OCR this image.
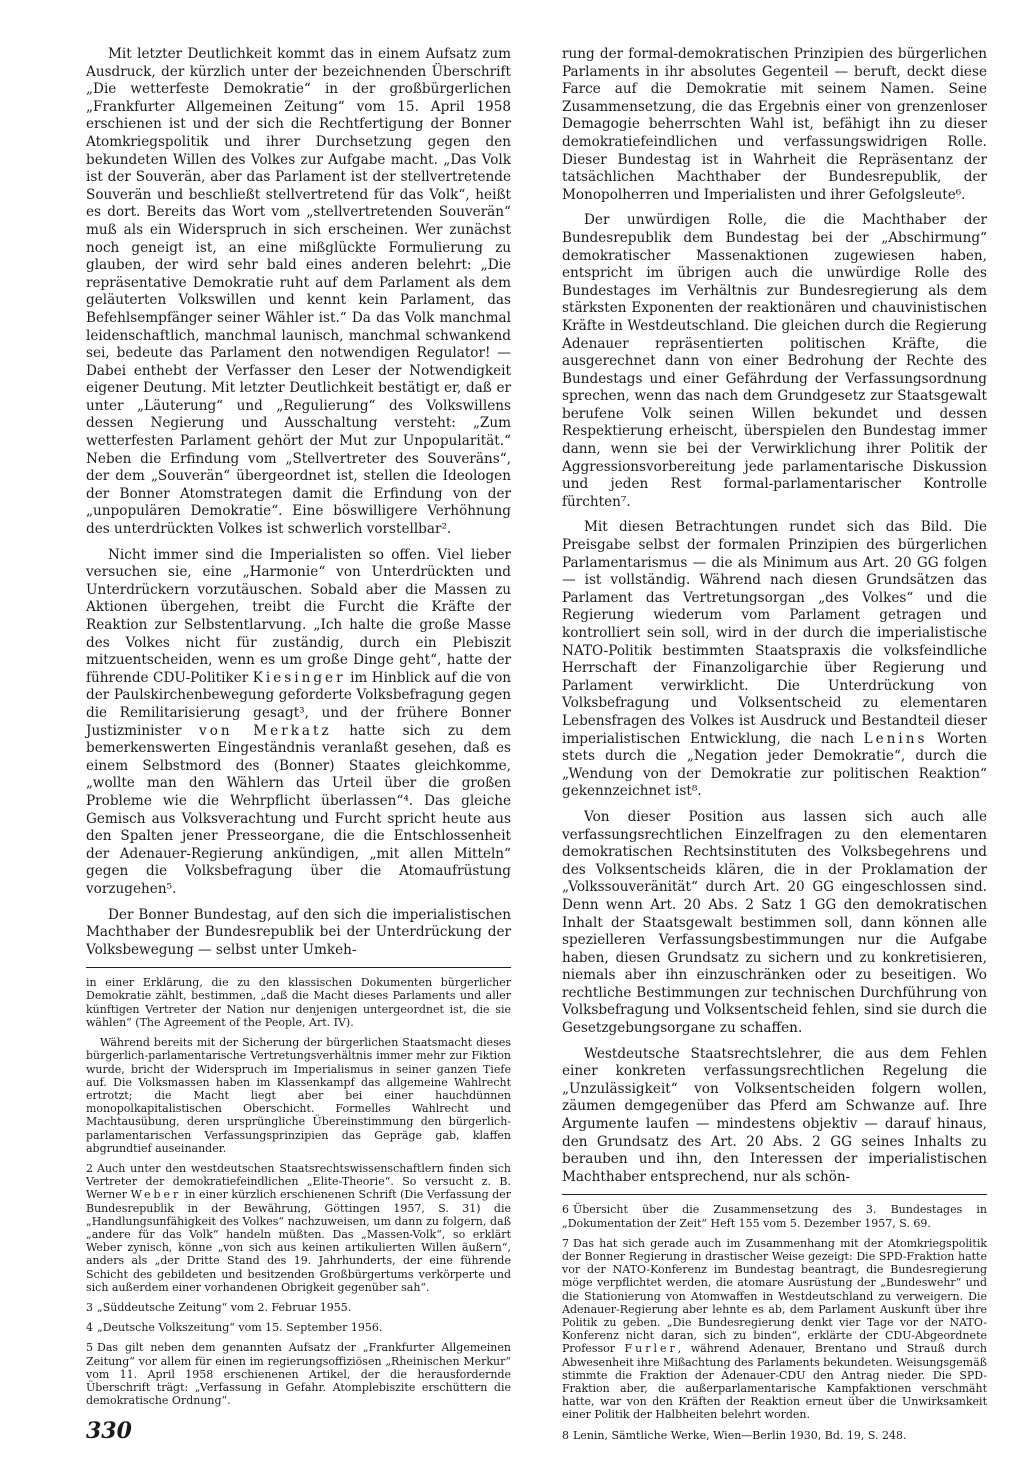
Mit letzter Deutlichkeit kommt das in einem Aufsatz zum Ausdruck, der kürzlich unter der bezeichnenden Überschrift „Die wetterfeste Demokratie“ in der großbürgerlichen „Frankfurter Allgemeinen Zeitung“ vom 15. April 1958 erschienen ist und der sich die Rechtfertigung der Bonner Atomkriegspolitik und ihrer Durchsetzung gegen den bekundeten Willen des Volkes zur Aufgabe macht. „Das Volk ist der Souverän, aber das Parlament ist der stellvertretende Souverän und beschließt stellvertretend für das Volk“, heißt es dort. Bereits das Wort vom „stellvertretenden Souverän“ muß als ein Widerspruch in sich erscheinen. Wer zunächst noch geneigt ist, an eine mißglückte Formulierung zu glauben, der wird sehr bald eines anderen belehrt: „Die repräsentative Demokratie ruht auf dem Parlament als dem geläuterten Volkswillen und kennt kein Parlament, das Befehlsempfänger seiner Wähler ist.“ Da das Volk manchmal leidenschaftlich, manchmal launisch, manchmal schwankend sei, bedeute das Parlament den notwendigen Regulator! — Dabei enthebt der Verfasser den Leser der Notwendigkeit eigener Deutung. Mit letzter Deutlichkeit bestätigt er, daß er unter „Läuterung“ und „Regulierung“ des Volkswillens dessen Negierung und Ausschaltung versteht: „Zum wetterfesten Parlament gehört der Mut zur Unpopularität.“ Neben die Erfindung vom „Stellvertreter des Souveräns“, der dem „Souverän“ übergeordnet ist, stellen die Ideologen der Bonner Atomstrategen damit die Erfindung von der „unpopulären Demokratie“. Eine böswilligere Verhöhnung des unterdrückten Volkes ist schwerlich vorstellbar².

Nicht immer sind die Imperialisten so offen. Viel lieber versuchen sie, eine „Harmonie“ von Unterdrückten und Unterdrückern vorzutäuschen. Sobald aber die Massen zu Aktionen übergehen, treibt die Furcht die Kräfte der Reaktion zur Selbstentlarvung. „Ich halte die große Masse des Volkes nicht für zuständig, durch ein Plebiszit mitzuentscheiden, wenn es um große Dinge geht“, hatte der führende CDU-Politiker Kiesinger im Hinblick auf die von der Paulskirchenbewegung geforderte Volksbefragung gegen die Remilitarisierung gesagt³, und der frühere Bonner Justizminister von Merkatz hatte sich zu dem bemerkenswerten Eingeständnis veranlaßt gesehen, daß es einem Selbstmord des (Bonner) Staates gleichkomme, „wollte man den Wählern das Urteil über die großen Probleme wie die Wehrpflicht überlassen“⁴. Das gleiche Gemisch aus Volksverachtung und Furcht spricht heute aus den Spalten jener Presseorgane, die die Entschlossenheit der Adenauer-Regierung ankündigen, „mit allen Mitteln“ gegen die Volksbefragung über die Atomaufrüstung vorzugehen⁵.

Der Bonner Bundestag, auf den sich die imperialistischen Machthaber der Bundesrepublik bei der Unterdrückung der Volksbewegung — selbst unter Umkeh-

in einer Erklärung, die zu den klassischen Dokumenten bürgerlicher Demokratie zählt, bestimmen, „daß die Macht dieses Parlaments und aller künftigen Vertreter der Nation nur denjenigen untergeordnet ist, die sie wählen“ (The Agreement of the People, Art. IV).

Während bereits mit der Sicherung der bürgerlichen Staatsmacht dieses bürgerlich-parlamentarische Vertretungsverhältnis immer mehr zur Fiktion wurde, bricht der Widerspruch im Imperialismus in seiner ganzen Tiefe auf. Die Volksmassen haben im Klassenkampf das allgemeine Wahlrecht ertrotzt; die Macht liegt aber bei einer hauchdünnen monopolkapitalistischen Oberschicht. Formelles Wahlrecht und Machtausübung, deren ursprüngliche Übereinstimmung den bürgerlich-parlamentarischen Verfassungsprinzipien das Gepräge gab, klaffen abgrundtief auseinander.

2 Auch unter den westdeutschen Staatsrechtswissenschaftlern finden sich Vertreter der demokratiefeindlichen „Elite-Theorie“. So versucht z. B. Werner Weber in einer kürzlich erschienenen Schrift (Die Verfassung der Bundesrepublik in der Bewährung, Göttingen 1957, S. 31) die „Handlungsunfähigkeit des Volkes“ nachzuweisen, um dann zu folgern, daß „andere für das Volk“ handeln müßten. Das „Massen-Volk“, so erklärt Weber zynisch, könne „von sich aus keinen artikulierten Willen äußern“, anders als „der Dritte Stand des 19. Jahrhunderts, der eine führende Schicht des gebildeten und besitzenden Großbürgertums verkörperte und sich außerdem einer vorhandenen Obrigkeit gegenüber sah“.

3 „Süddeutsche Zeitung“ vom 2. Februar 1955.

4 „Deutsche Volkszeitung“ vom 15. September 1956.

5 Das gilt neben dem genannten Aufsatz der „Frankfurter Allgemeinen Zeitung“ vor allem für einen im regierungsoffiziösen „Rheinischen Merkur“ vom 11. April 1958 erschienenen Artikel, der die herausfordernde Überschrift trägt: „Verfassung in Gefahr. Atomplebiszite erschüttern die demokratische Ordnung“.

rung der formal-demokratischen Prinzipien des bürgerlichen Parlaments in ihr absolutes Gegenteil — beruft, deckt diese Farce auf die Demokratie mit seinem Namen. Seine Zusammensetzung, die das Ergebnis einer von grenzenloser Demagogie beherrschten Wahl ist, befähigt ihn zu dieser demokratiefeindlichen und verfassungswidrigen Rolle. Dieser Bundestag ist in Wahrheit die Repräsentanz der tatsächlichen Machthaber der Bundesrepublik, der Monopolherren und Imperialisten und ihrer Gefolgsleute⁶.

Der unwürdigen Rolle, die die Machthaber der Bundesrepublik dem Bundestag bei der „Abschirmung“ demokratischer Massenaktionen zugewiesen haben, entspricht im übrigen auch die unwürdige Rolle des Bundestages im Verhältnis zur Bundesregierung als dem stärksten Exponenten der reaktionären und chauvinistischen Kräfte in Westdeutschland. Die gleichen durch die Regierung Adenauer repräsentierten politischen Kräfte, die ausgerechnet dann von einer Bedrohung der Rechte des Bundestags und einer Gefährdung der Verfassungsordnung sprechen, wenn das nach dem Grundgesetz zur Staatsgewalt berufene Volk seinen Willen bekundet und dessen Respektierung erheischt, überspielen den Bundestag immer dann, wenn sie bei der Verwirklichung ihrer Politik der Aggressionsvorbereitung jede parlamentarische Diskussion und jeden Rest formal-parlamentarischer Kontrolle fürchten⁷.

Mit diesen Betrachtungen rundet sich das Bild. Die Preisgabe selbst der formalen Prinzipien des bürgerlichen Parlamentarismus — die als Minimum aus Art. 20 GG folgen — ist vollständig. Während nach diesen Grundsätzen das Parlament das Vertretungsorgan „des Volkes“ und die Regierung wiederum vom Parlament getragen und kontrolliert sein soll, wird in der durch die imperialistische NATO-Politik bestimmten Staatspraxis die volksfeindliche Herrschaft der Finanzoligarchie über Regierung und Parlament verwirklicht. Die Unterdrückung von Volksbefragung und Volksentscheid zu elementaren Lebensfragen des Volkes ist Ausdruck und Bestandteil dieser imperialistischen Entwicklung, die nach Lenins Worten stets durch die „Negation jeder Demokratie“, durch die „Wendung von der Demokratie zur politischen Reaktion“ gekennzeichnet ist⁸.

Von dieser Position aus lassen sich auch alle verfassungsrechtlichen Einzelfragen zu den elementaren demokratischen Rechtsinstituten des Volksbegehrens und des Volksentscheids klären, die in der Proklamation der „Volkssouveränität“ durch Art. 20 GG eingeschlossen sind. Denn wenn Art. 20 Abs. 2 Satz 1 GG den demokratischen Inhalt der Staatsgewalt bestimmen soll, dann können alle spezielleren Verfassungsbestimmungen nur die Aufgabe haben, diesen Grundsatz zu sichern und zu konkretisieren, niemals aber ihn einzuschränken oder zu beseitigen. Wo rechtliche Bestimmungen zur technischen Durchführung von Volksbefragung und Volksentscheid fehlen, sind sie durch die Gesetzgebungsorgane zu schaffen.

Westdeutsche Staatsrechtslehrer, die aus dem Fehlen einer konkreten verfassungsrechtlichen Regelung die „Unzulässigkeit“ von Volksentscheiden folgern wollen, zäumen demgegenüber das Pferd am Schwanze auf. Ihre Argumente laufen — mindestens objektiv — darauf hinaus, den Grundsatz des Art. 20 Abs. 2 GG seines Inhalts zu berauben und ihn, den Interessen der imperialistischen Machthaber entsprechend, nur als schön-

6 Übersicht über die Zusammensetzung des 3. Bundestages in „Dokumentation der Zeit“ Heft 155 vom 5. Dezember 1957, S. 69.

7 Das hat sich gerade auch im Zusammenhang mit der Atomkriegspolitik der Bonner Regierung in drastischer Weise gezeigt: Die SPD-Fraktion hatte vor der NATO-Konferenz im Bundestag beantragt, die Bundesregierung möge verpflichtet werden, die atomare Ausrüstung der „Bundeswehr“ und die Stationierung von Atomwaffen in Westdeutschland zu verweigern. Die Adenauer-Regierung aber lehnte es ab, dem Parlament Auskunft über ihre Politik zu geben. „Die Bundesregierung denkt vier Tage vor der NATO-Konferenz nicht daran, sich zu binden“, erklärte der CDU-Abgeordnete Professor Furler, während Adenauer, Brentano und Strauß durch Abwesenheit ihre Mißachtung des Parlaments bekundeten. Weisungsgemäß stimmte die Fraktion der Adenauer-CDU den Antrag nieder. Die SPD-Fraktion aber, die außerparlamentarische Kampfaktionen verschmäht hatte, war von den Kräften der Reaktion erneut über die Unwirksamkeit einer Politik der Halbheiten belehrt worden.

8 Lenin, Sämtliche Werke, Wien—Berlin 1930, Bd. 19, S. 248.

330
